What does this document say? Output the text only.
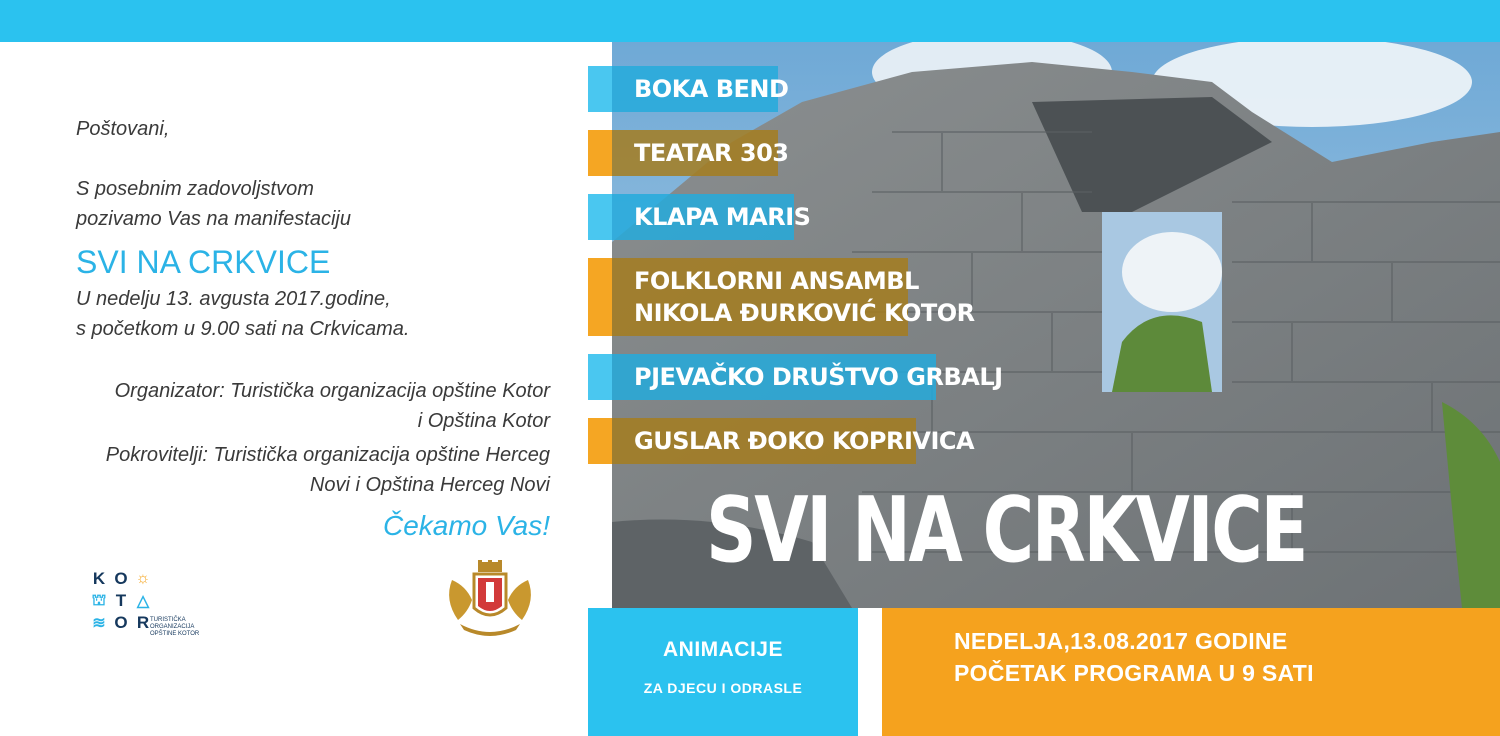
Poštovani,
S posebnim zadovoljstvom
pozivamo Vas na manifestaciju
SVI NA CRKVICE
U nedelju 13. avgusta 2017.godine,
s početkom u 9.00 sati na Crkvicama.
Organizator: Turistička organizacija opštine Kotor
i Opština Kotor
Pokrovitelji: Turistička organizacija opštine Herceg
Novi i Opština Herceg Novi
Čekamo Vas!
K O ☼
⛫ T △
≋ O R TURISTIČKA
ORGANIZACIJA
OPŠTINE KOTOR
BOKA BEND
TEATAR 303
KLAPA MARIS
FOLKLORNI ANSAMBL
NIKOLA ĐURKOVIĆ KOTOR
PJEVAČKO DRUŠTVO GRBALJ
GUSLAR ĐOKO KOPRIVICA
SVI NA CRKVICE
ANIMACIJE
ZA DJECU I ODRASLE
NEDELJA,13.08.2017 GODINE
POČETAK PROGRAMA U 9 SATI
